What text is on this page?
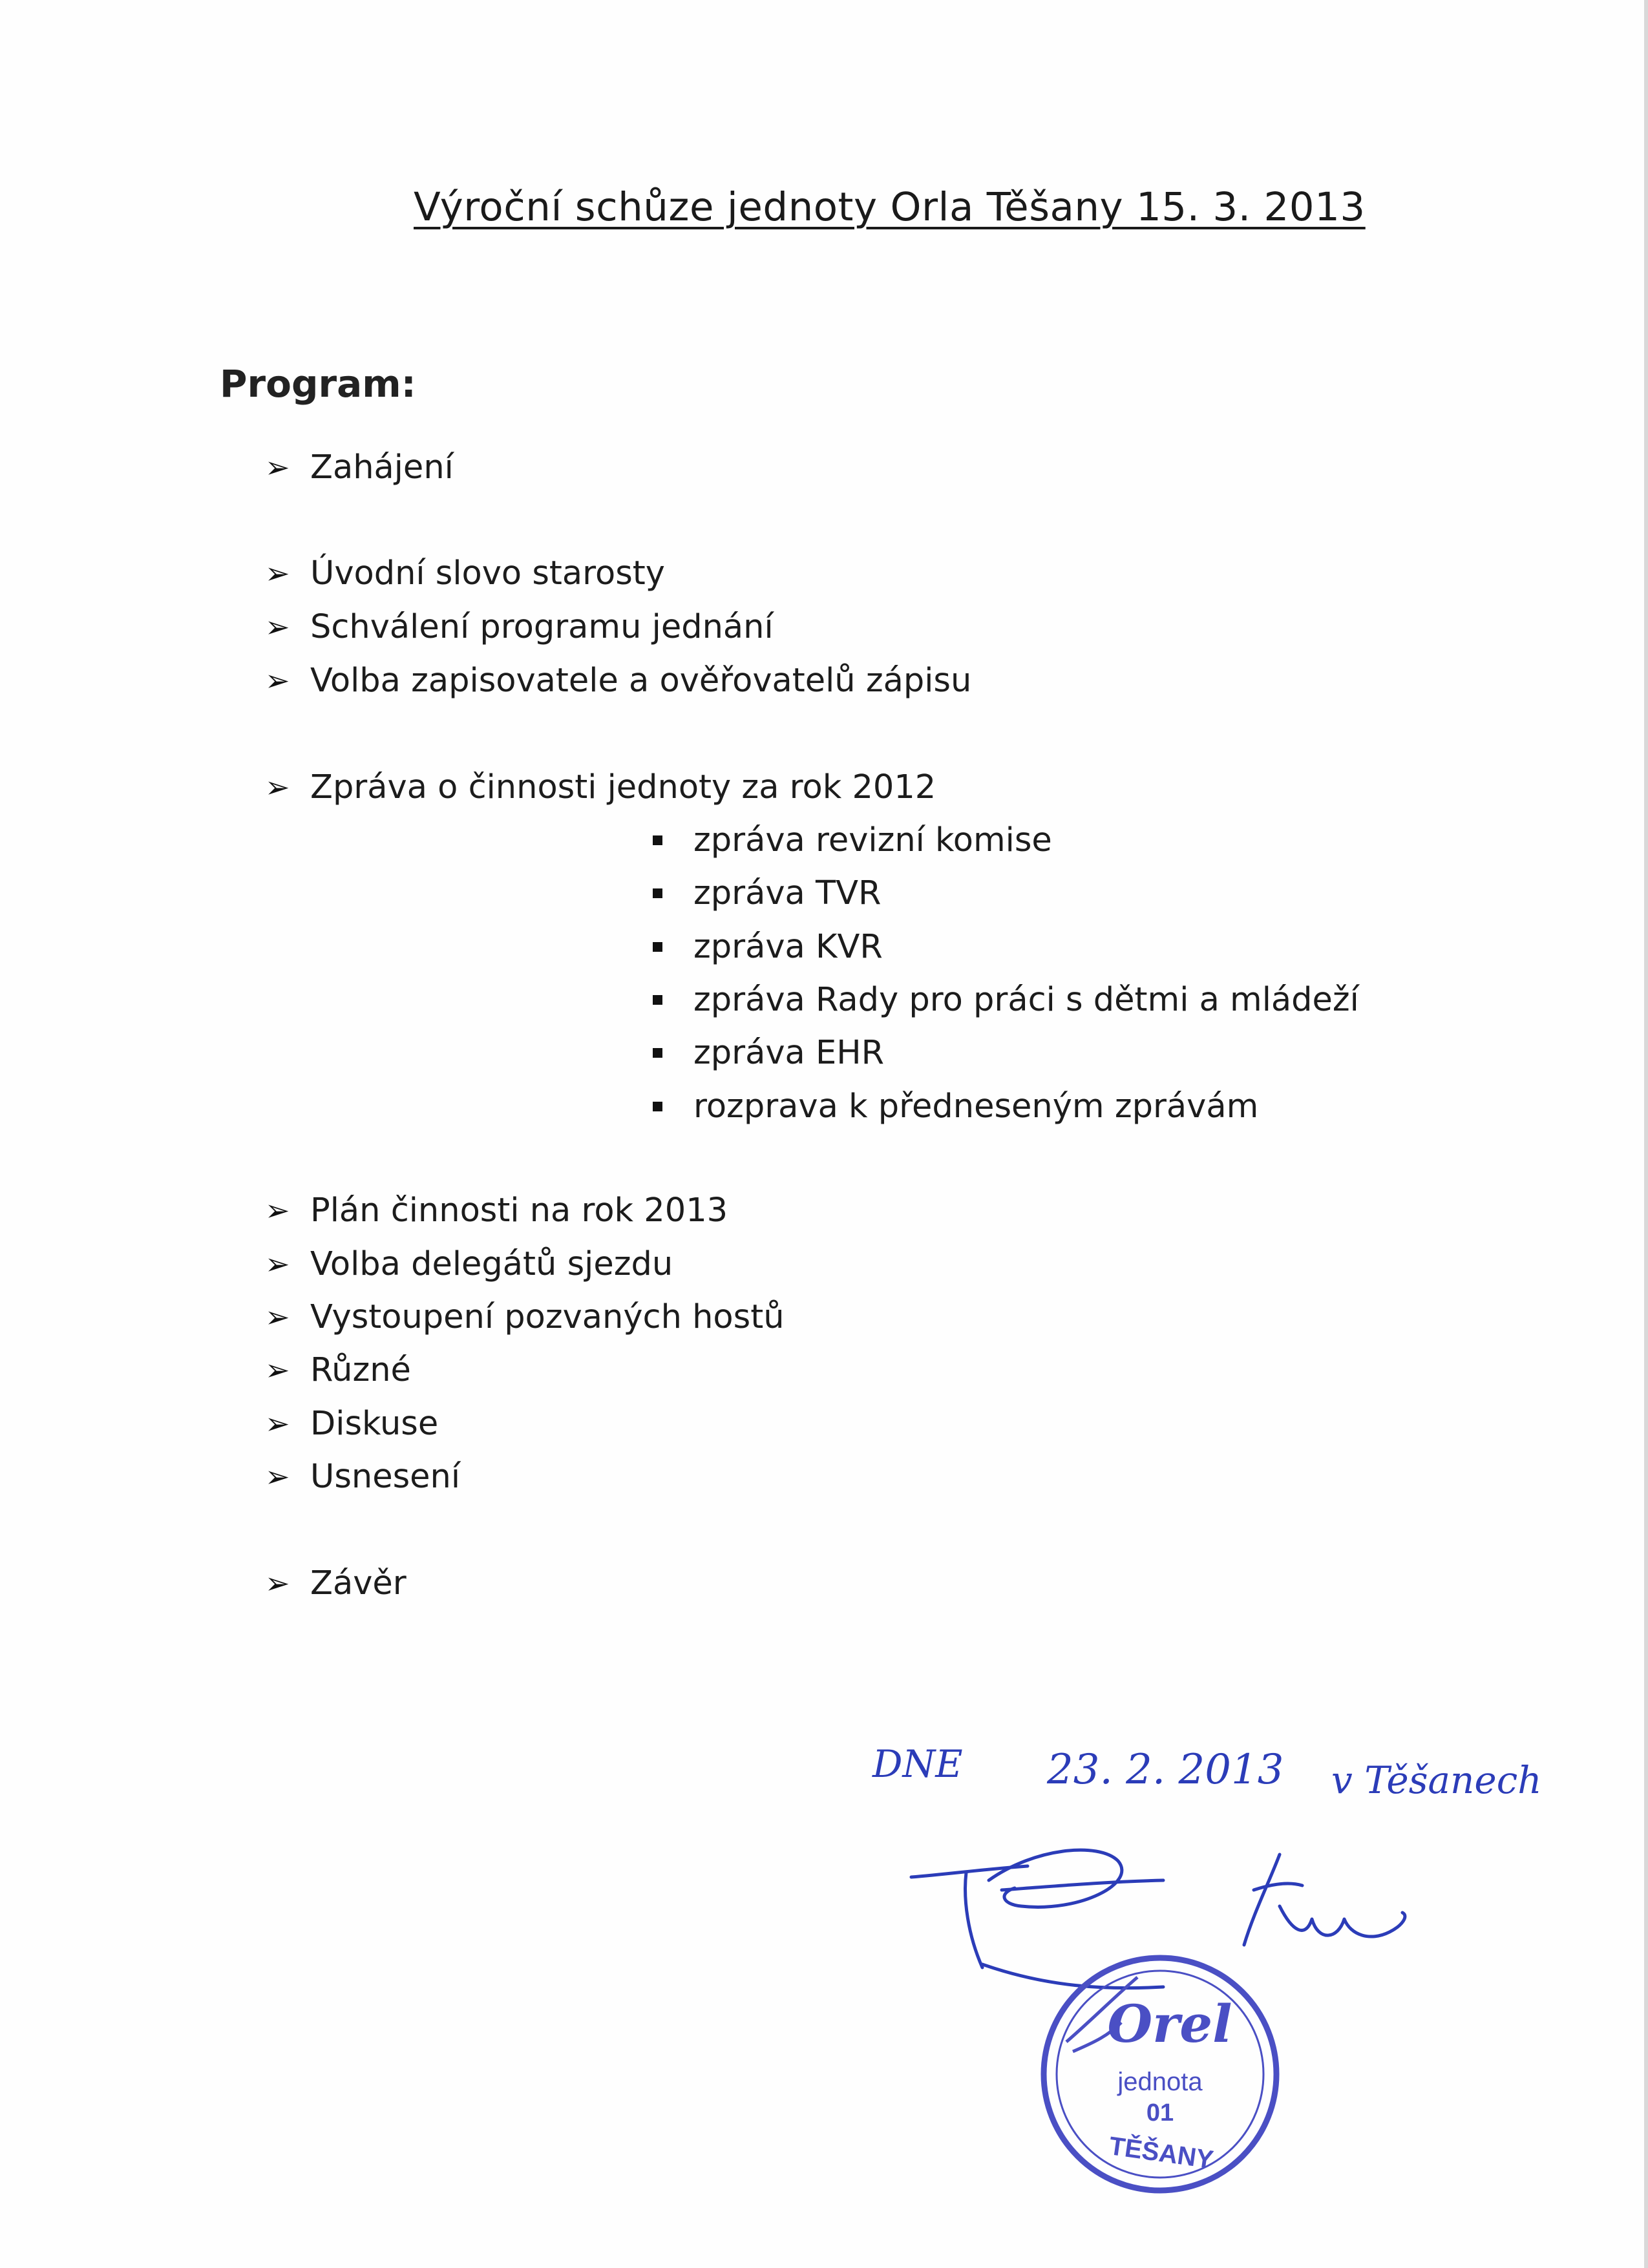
Výroční schůze jednoty Orla Těšany 15. 3. 2013
Program:
➢ Zahájení
➢ Úvodní slovo starosty
➢ Schválení programu jednání
➢ Volba zapisovatele a ověřovatelů zápisu
➢ Zpráva o činnosti jednoty za rok 2012
zpráva revizní komise
zpráva TVR
zpráva KVR
zpráva Rady pro práci s dětmi a mládeží
zpráva EHR
rozprava k předneseným zprávám
➢ Plán činnosti na rok 2013
➢ Volba delegátů sjezdu
➢ Vystoupení pozvaných hostů
➢ Různé
➢ Diskuse
➢ Usnesení
➢ Závěr
DNE 23. 2. 2013 v Těšanech
Orel
jednota
01
TĚŠANY
